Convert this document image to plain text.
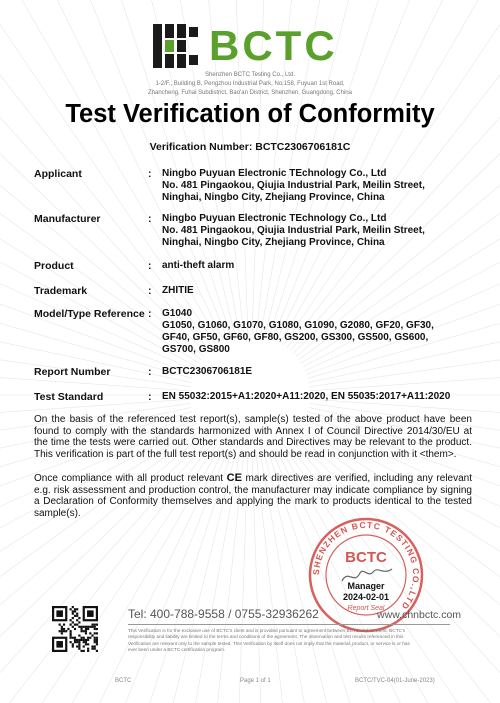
BCTC
Shenzhen BCTC Testing Co., Ltd.
1-2/F., Building B, Pengzhou Industrial Park, No.158, Fuyuan 1st Road,
Zhancheng, Fuhai Subdistrict, Bao'an District, Shenzhen, Guangdong, China
Test Verification of Conformity
Verification Number: BCTC2306706181C
Applicant	: Ningbo Puyuan Electronic TEchnology Co., Ltd
No. 481 Pingaokou, Qiujia Industrial Park, Meilin Street,
Ninghai, Ningbo City, Zhejiang Province, China
Manufacturer	: Ningbo Puyuan Electronic TEchnology Co., Ltd
No. 481 Pingaokou, Qiujia Industrial Park, Meilin Street,
Ninghai, Ningbo City, Zhejiang Province, China
Product	: anti-theft alarm
Trademark	: ZHITIE
Model/Type Reference : G1040
G1050, G1060, G1070, G1080, G1090, G2080, GF20, GF30,
GF40, GF50, GF60, GF80, GS200, GS300, GS500, GS600,
GS700, GS800
Report Number	: BCTC2306706181E
Test Standard	: EN 55032:2015+A1:2020+A11:2020, EN 55035:2017+A11:2020
On the basis of the referenced test report(s), sample(s) tested of the above product have been found to comply with the standards harmonized with Annex I of Council Directive 2014/30/EU at the time the tests were carried out. Other standards and Directives may be relevant to the product. This verification is part of the full test report(s) and should be read in conjunction with it <them>.
Once compliance with all product relevant CE mark directives are verified, including any relevant e.g. risk assessment and production control, the manufacturer may indicate compliance by signing a Declaration of Conformity themselves and applying the mark to products identical to the tested sample(s).
SHENZHEN BCTC TESTING CO.,LTD
BCTC
Manager
2024-02-01
Report Seal
Tel: 400-788-9558 / 0755-32936262	www.chnbctc.com
This Verification is for the exclusive use of BCTC's client and is provided pursuant to agreement between BCTC and its client. BCTC's
responsibility and liability are limited to the terms and conditions of the agreement. The observation and test results referenced in this
Verification are relevant only to the sample tested. This Verification by itself does not imply that the material, product, or service is or has
ever been under a BCTC certification program.
BCTC	Page 1 of 1	BCTC/TVC-04(01-June-2023)
